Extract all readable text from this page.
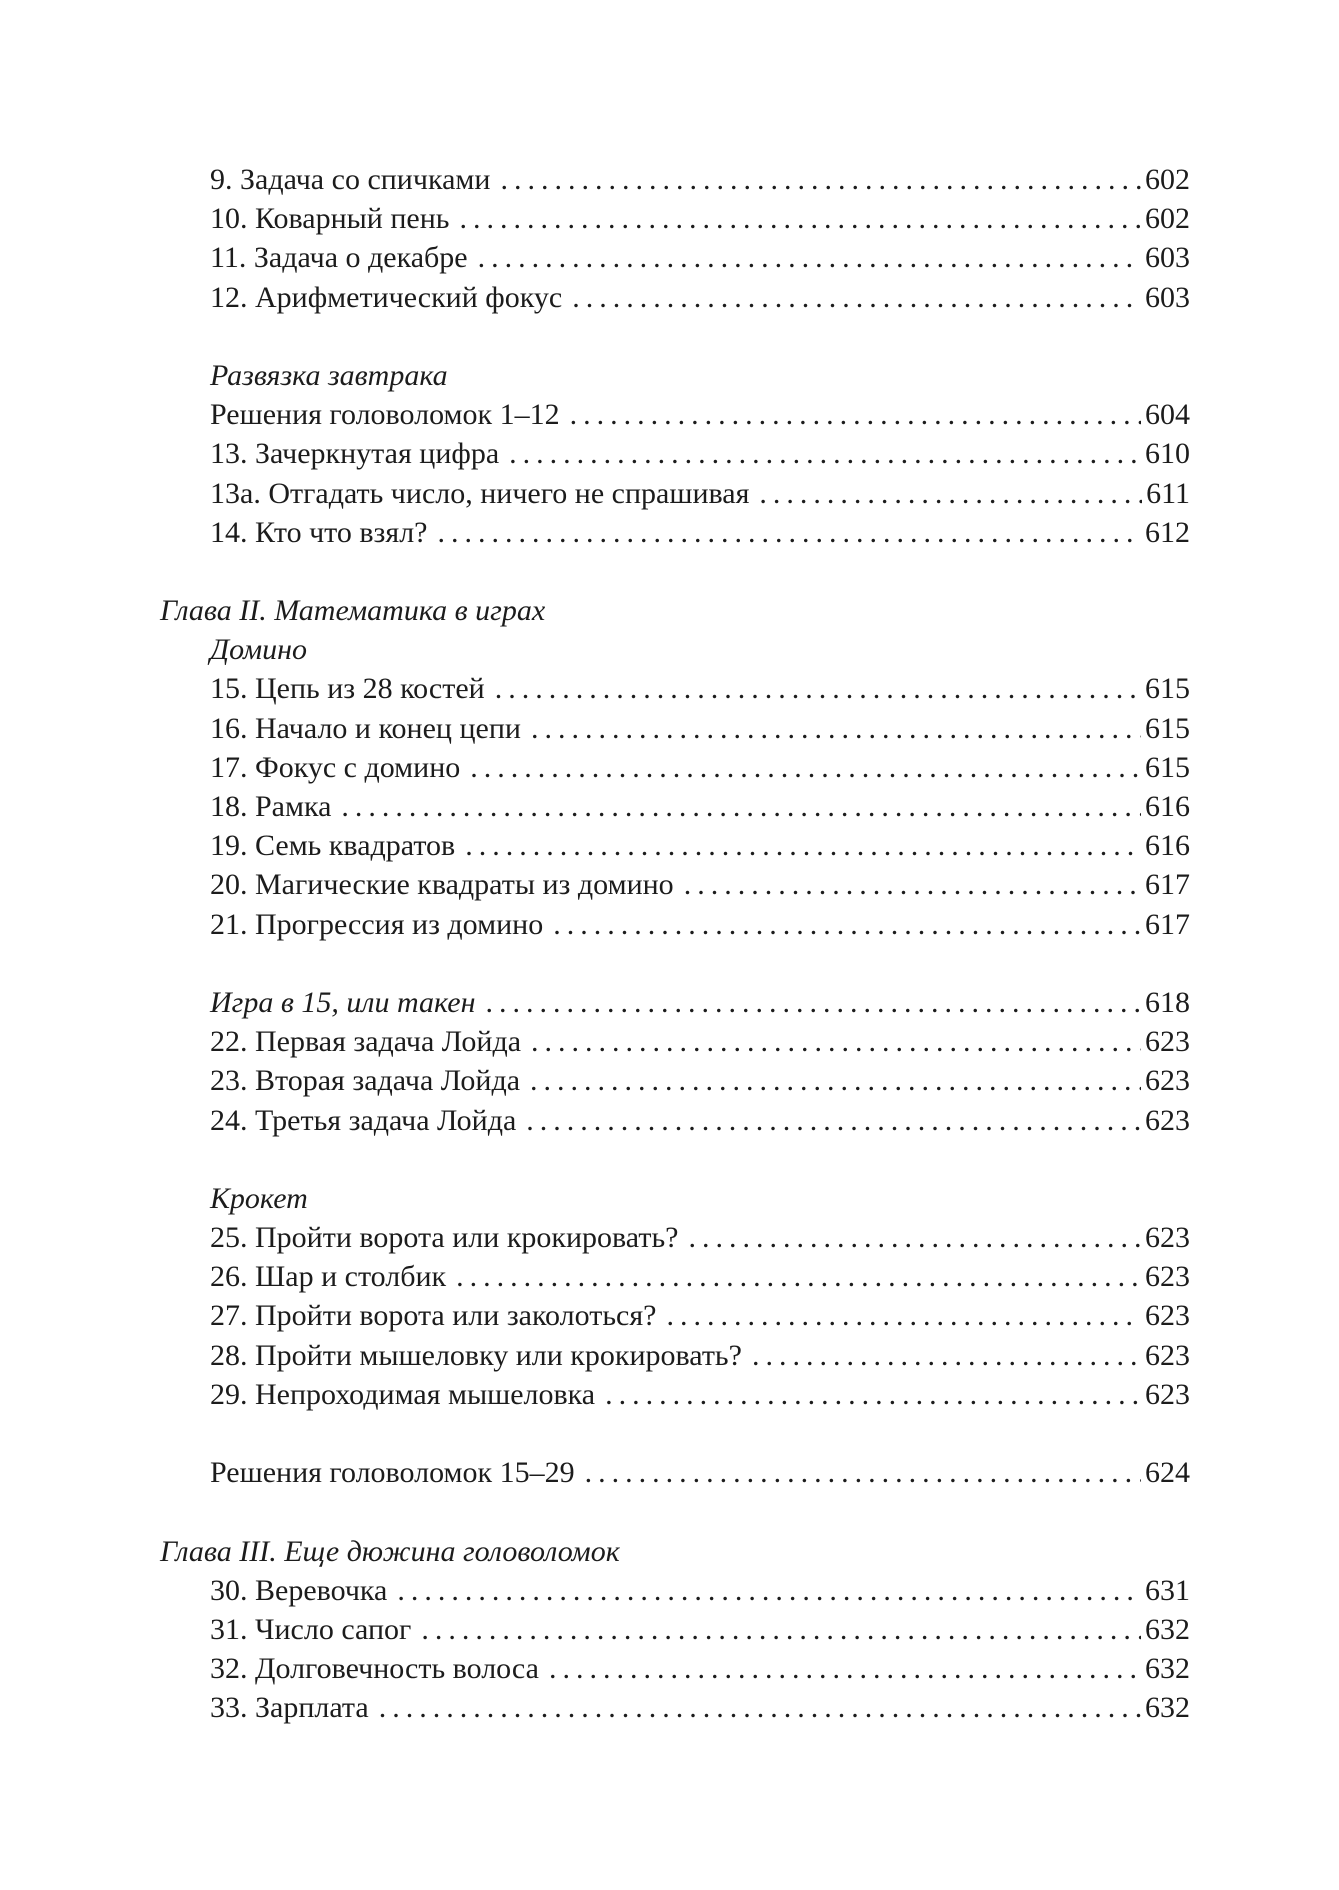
9. Задача со спичками .....	602
10. Коварный пень .....	602
11. Задача о декабре .....	603
12. Арифметический фокус .....	603
Развязка завтрака
Решения головоломок 1–12 .....	604
13. Зачеркнутая цифра .....	610
13а. Отгадать число, ничего не спрашивая .....	611
14. Кто что взял? .....	612
Глава II. Математика в играх
Домино
15. Цепь из 28 костей .....	615
16. Начало и конец цепи .....	615
17. Фокус с домино .....	615
18. Рамка .....	616
19. Семь квадратов .....	616
20. Магические квадраты из домино .....	617
21. Прогрессия из домино .....	617
Игра в 15, или такен .....	618
22. Первая задача Лойда .....	623
23. Вторая задача Лойда .....	623
24. Третья задача Лойда .....	623
Крокет
25. Пройти ворота или крокировать? .....	623
26. Шар и столбик .....	623
27. Пройти ворота или заколоться? .....	623
28. Пройти мышеловку или крокировать? .....	623
29. Непроходимая мышеловка .....	623
Решения головоломок 15–29 .....	624
Глава III. Еще дюжина головоломок
30. Веревочка .....	631
31. Число сапог .....	632
32. Долговечность волоса .....	632
33. Зарплата .....	632
